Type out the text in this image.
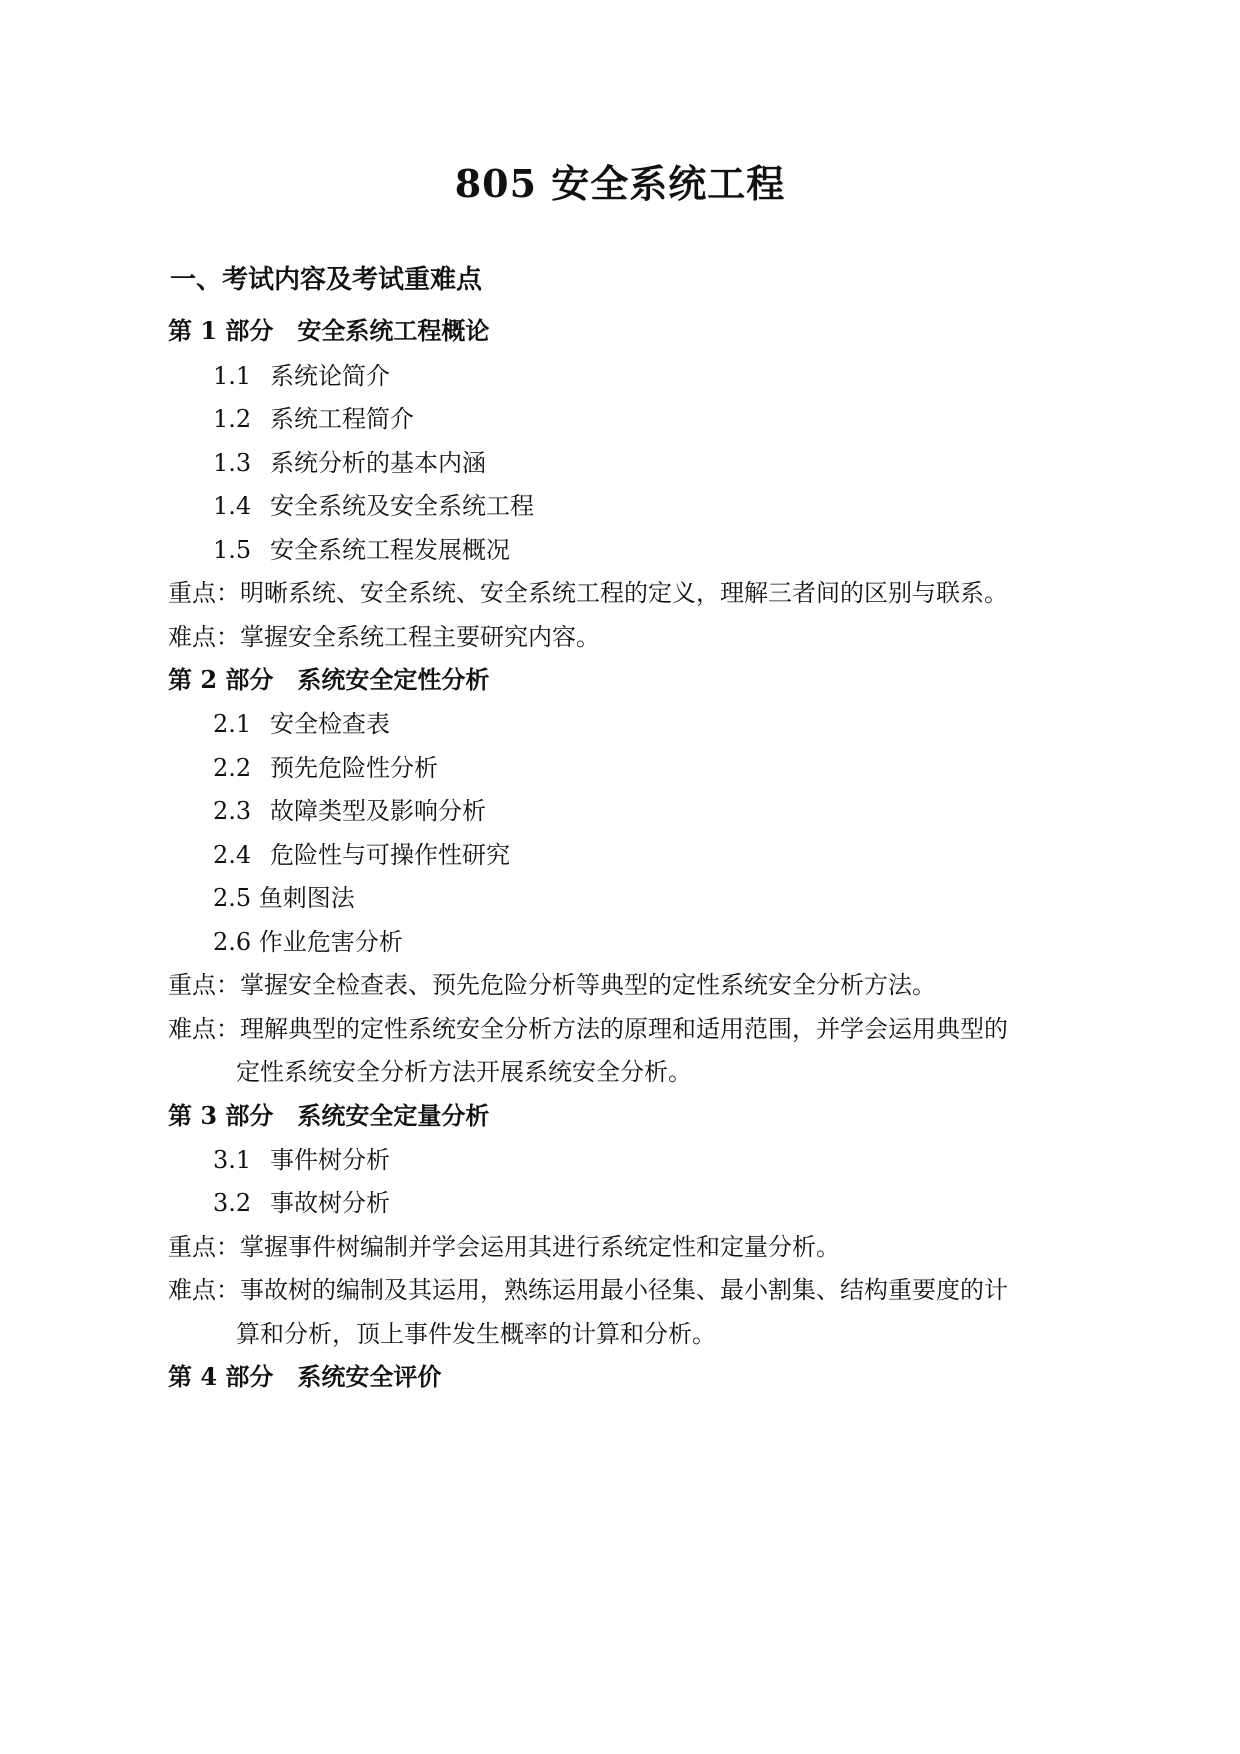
805 安全系统工程
一、考试内容及考试重难点
第 1 部分 安全系统工程概论
1.1 系统论简介
1.2 系统工程简介
1.3 系统分析的基本内涵
1.4 安全系统及安全系统工程
1.5 安全系统工程发展概况
重点：明晰系统、安全系统、安全系统工程的定义，理解三者间的区别与联系。
难点：掌握安全系统工程主要研究内容。
第 2 部分 系统安全定性分析
2.1 安全检查表
2.2 预先危险性分析
2.3 故障类型及影响分析
2.4 危险性与可操作性研究
2.5 鱼刺图法
2.6 作业危害分析
重点：掌握安全检查表、预先危险分析等典型的定性系统安全分析方法。
难点：理解典型的定性系统安全分析方法的原理和适用范围，并学会运用典型的
定性系统安全分析方法开展系统安全分析。
第 3 部分 系统安全定量分析
3.1 事件树分析
3.2 事故树分析
重点：掌握事件树编制并学会运用其进行系统定性和定量分析。
难点：事故树的编制及其运用，熟练运用最小径集、最小割集、结构重要度的计
算和分析，顶上事件发生概率的计算和分析。
第 4 部分 系统安全评价
